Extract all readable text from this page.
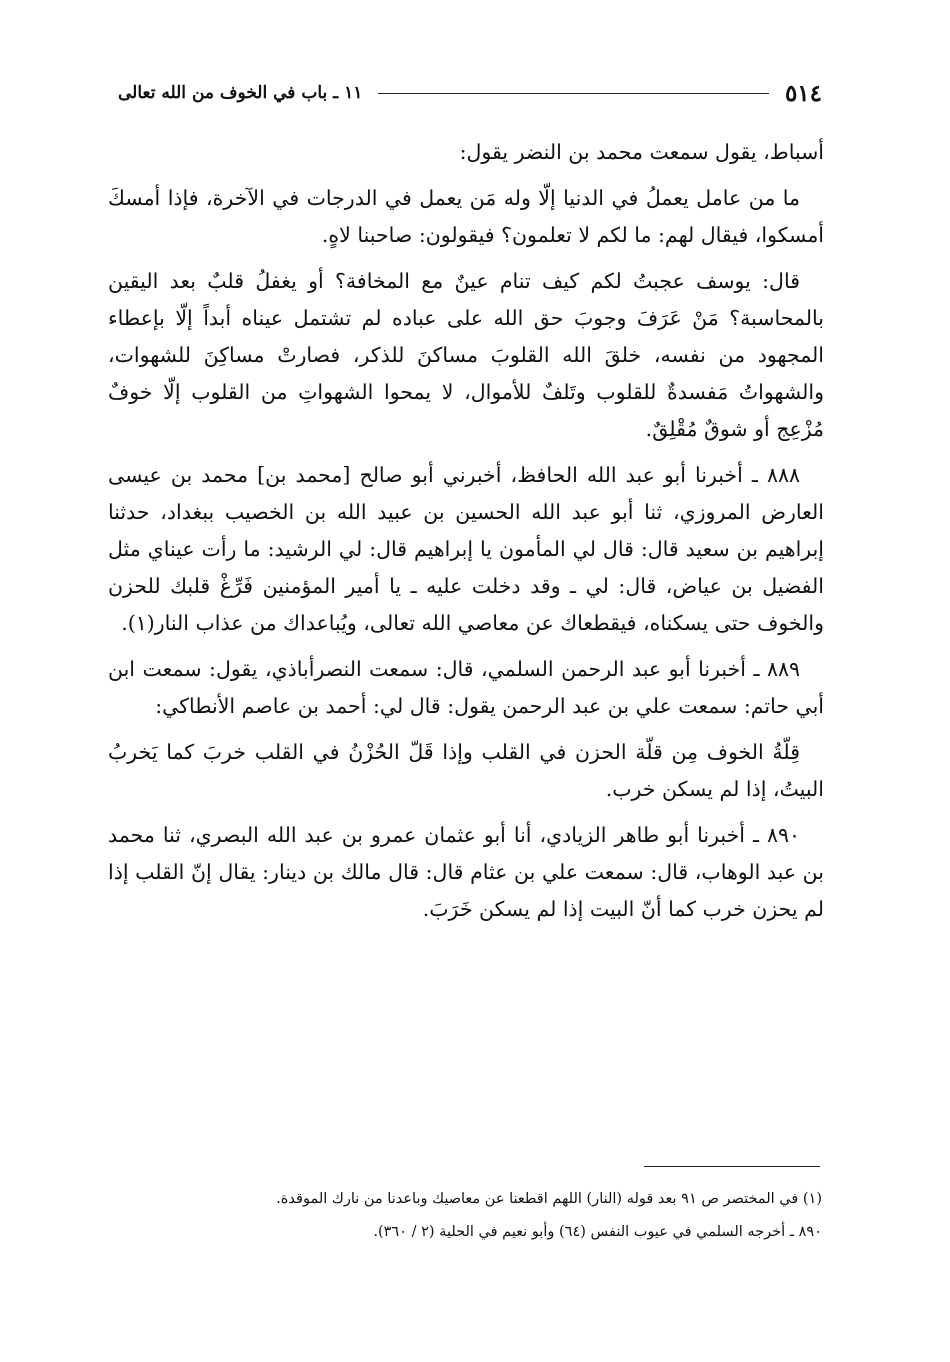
٥١٤
١١ ـ باب في الخوف من الله تعالى

أسباط، يقول سمعت محمد بن النضر يقول:

ما من عامل يعملُ في الدنيا إلّا وله مَن يعمل في الدرجات في الآخرة، فإذا أمسكَ أمسكوا، فيقال لهم: ما لكم لا تعلمون؟ فيقولون: صاحبنا لاهٍ.

قال: يوسف عجبتُ لكم كيف تنام عينٌ مع المخافة؟ أو يغفلُ قلبٌ بعد اليقين بالمحاسبة؟ مَنْ عَرَفَ وجوبَ حق الله على عباده لم تشتمل عيناه أبداً إلّا بإعطاء المجهود من نفسه، خلقَ الله القلوبَ مساكنَ للذكر، فصارتْ مساكِنَ للشهوات، والشهواتُ مَفسدةٌ للقلوب وتَلفٌ للأموال، لا يمحوا الشهواتِ من القلوب إلّا خوفٌ مُزْعِج أو شوقٌ مُقْلِقٌ.

٨٨٨ ـ أخبرنا أبو عبد الله الحافظ، أخبرني أبو صالح [محمد بن] محمد بن عيسى العارض المروزي، ثنا أبو عبد الله الحسين بن عبيد الله بن الخصيب ببغداد، حدثنا إبراهيم بن سعيد قال: قال لي المأمون يا إبراهيم قال: لي الرشيد: ما رأت عيناي مثل الفضيل بن عياض، قال: لي ـ وقد دخلت عليه ـ يا أمير المؤمنين فَرِّغْ قلبك للحزن والخوف حتى يسكناه، فيقطعاك عن معاصي الله تعالى، ويُباعداك من عذاب النار(١).

٨٨٩ ـ أخبرنا أبو عبد الرحمن السلمي، قال: سمعت النصرأباذي، يقول: سمعت ابن أبي حاتم: سمعت علي بن عبد الرحمن يقول: قال لي: أحمد بن عاصم الأنطاكي:

قِلّةُ الخوف مِن قلّة الحزن في القلب وإذا قَلّ الحُزْنُ في القلب خربَ كما يَخربُ البيتُ، إذا لم يسكن خرب.

٨٩٠ ـ أخبرنا أبو طاهر الزيادي، أنا أبو عثمان عمرو بن عبد الله البصري، ثنا محمد بن عبد الوهاب، قال: سمعت علي بن عثام قال: قال مالك بن دينار: يقال إنّ القلب إذا لم يحزن خرب كما أنّ البيت إذا لم يسكن خَرَبَ.

(١) في المختصر ص ٩١ بعد قوله (النار) اللهم اقطعنا عن معاصيك وباعدنا من نارك الموقدة.

٨٩٠ ـ أخرجه السلمي في عيوب النفس (٦٤) وأبو نعيم في الحلية (٢ / ٣٦٠).
